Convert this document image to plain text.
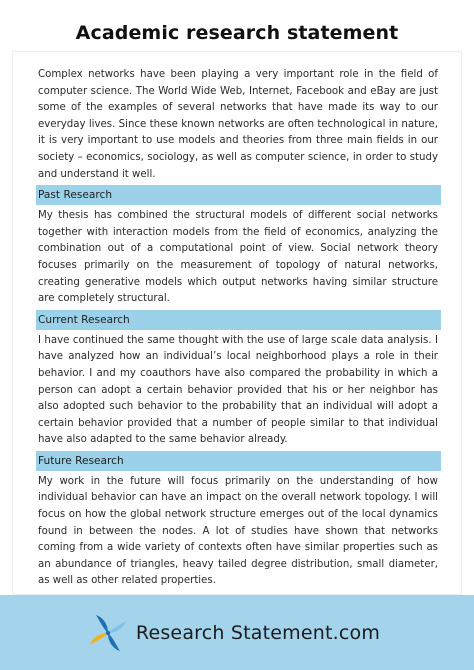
Academic research statement

Complex networks have been playing a very important role in the field of computer science. The World Wide Web, Internet, Facebook and eBay are just some of the examples of several networks that have made its way to our everyday lives. Since these known networks are often technological in nature, it is very important to use models and theories from three main fields in our society – economics, sociology, as well as computer science, in order to study and understand it well.

Past Research

My thesis has combined the structural models of different social networks together with interaction models from the field of economics, analyzing the combination out of a computational point of view. Social network theory focuses primarily on the measurement of topology of natural networks, creating generative models which output networks having similar structure are completely structural.

Current Research

I have continued the same thought with the use of large scale data analysis. I have analyzed how an individual’s local neighborhood plays a role in their behavior. I and my coauthors have also compared the probability in which a person can adopt a certain behavior provided that his or her neighbor has also adopted such behavior to the probability that an individual will adopt a certain behavior provided that a number of people similar to that individual have also adapted to the same behavior already.

Future Research

My work in the future will focus primarily on the understanding of how individual behavior can have an impact on the overall network topology. I will focus on how the global network structure emerges out of the local dynamics found in between the nodes. A lot of studies have shown that networks coming from a wide variety of contexts often have similar properties such as an abundance of triangles, heavy tailed degree distribution, small diameter, as well as other related properties.

Research Statement.com
